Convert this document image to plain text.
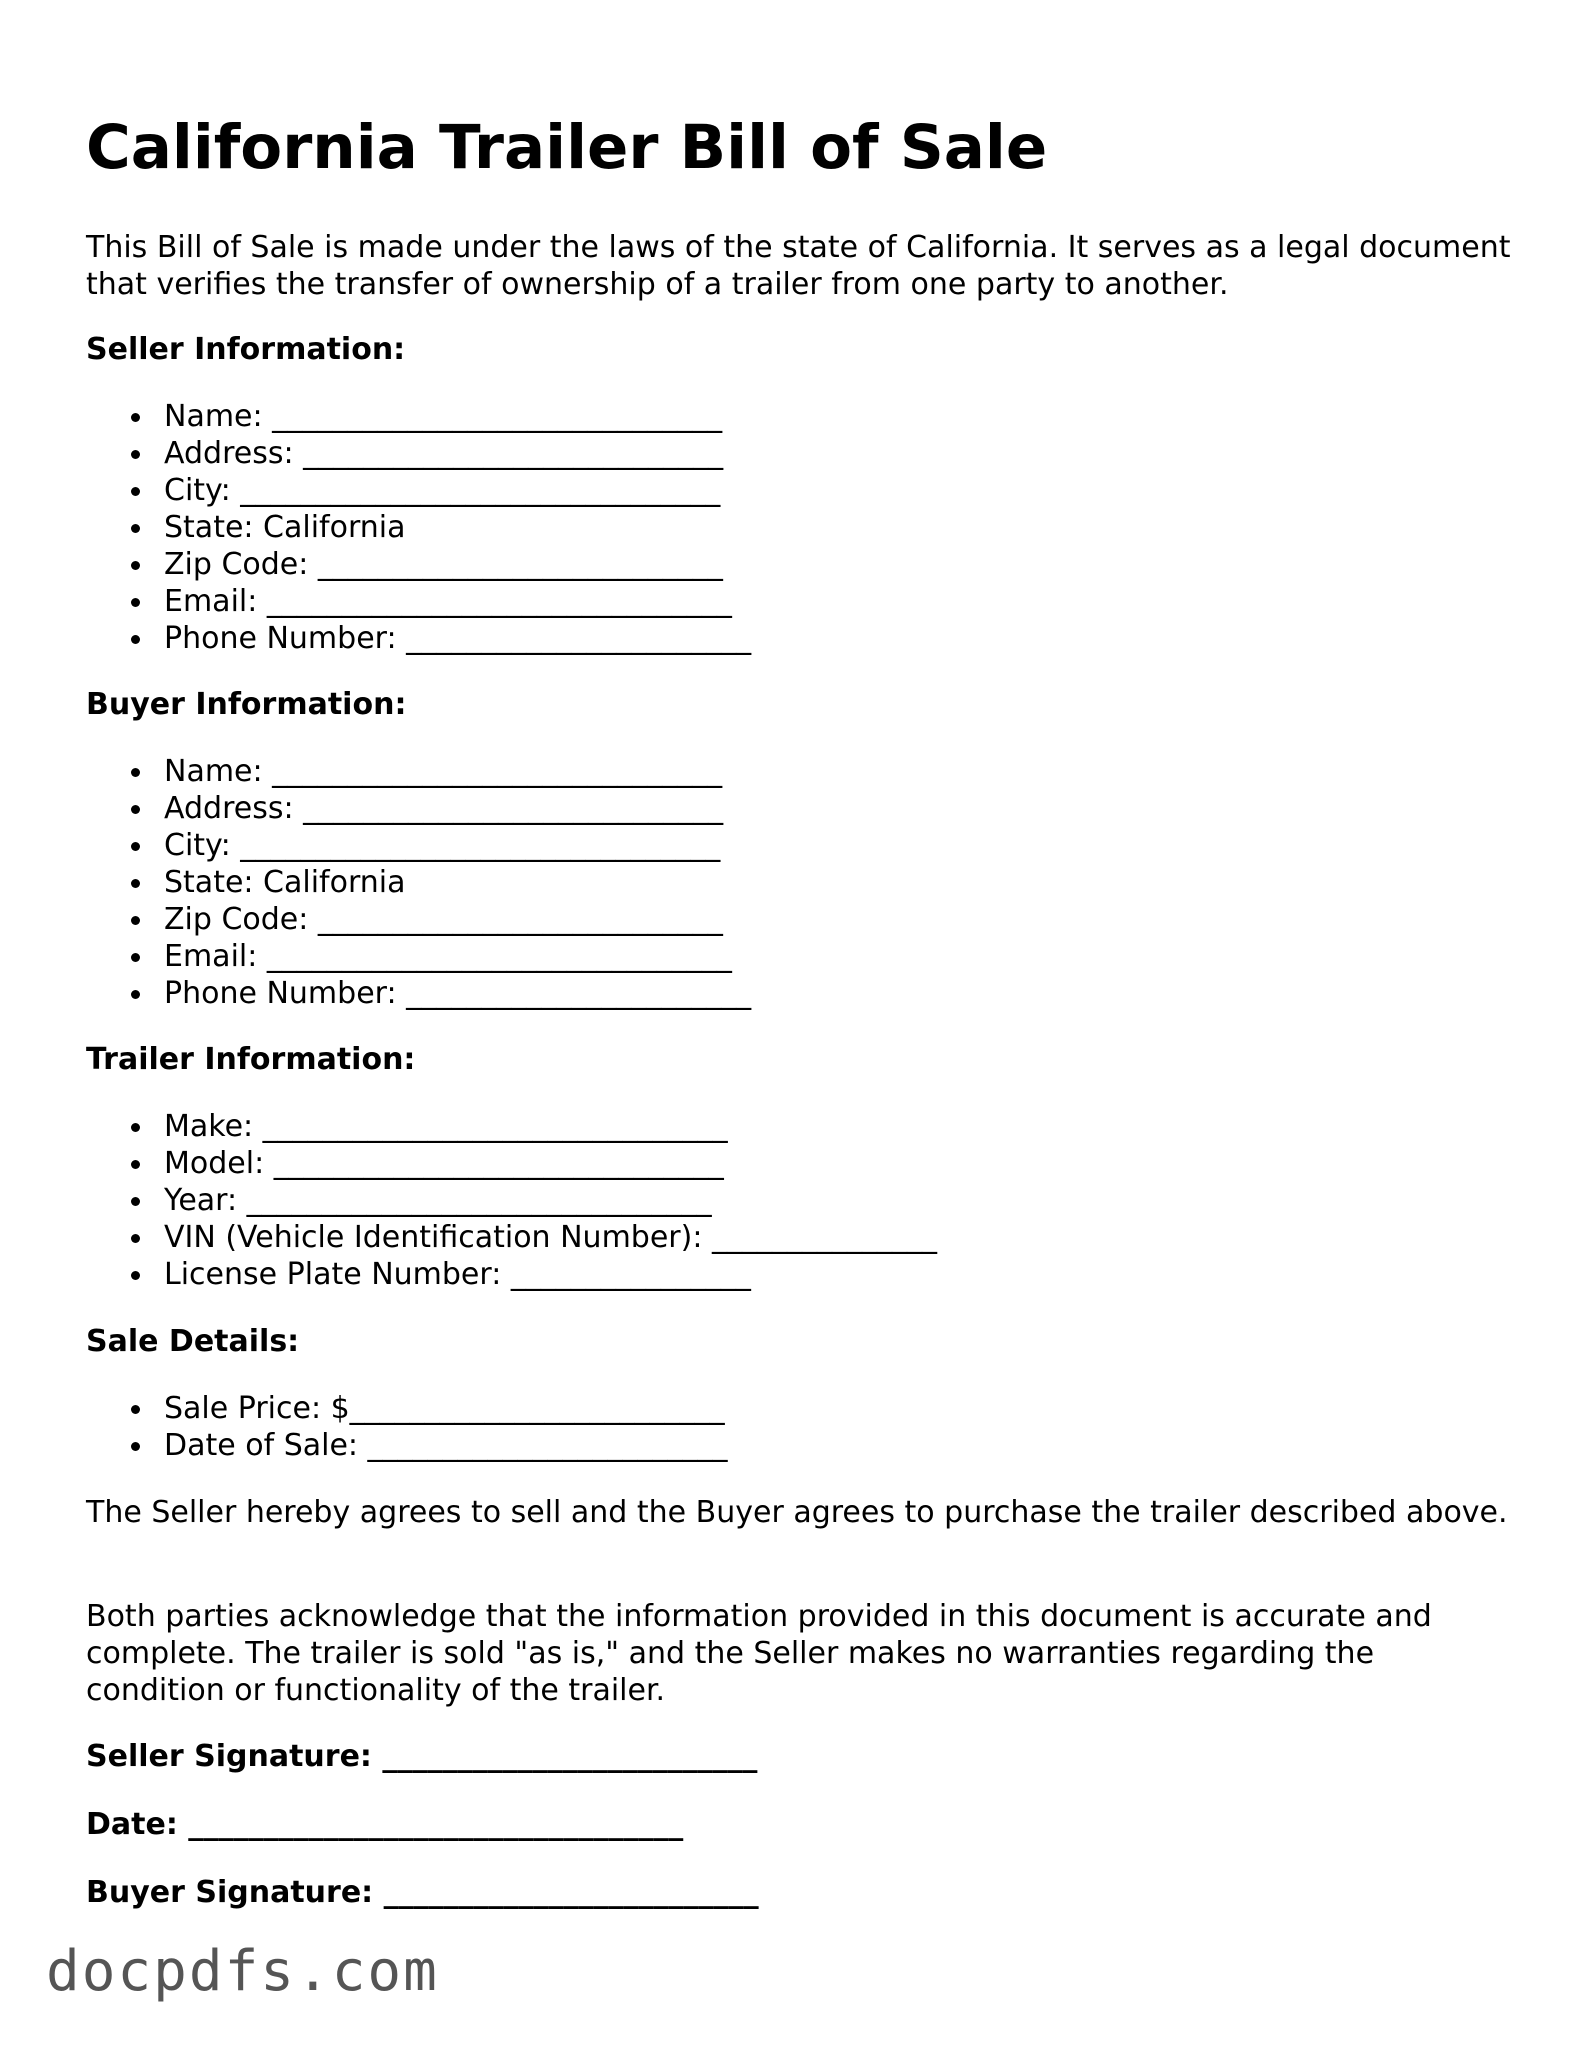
California Trailer Bill of Sale

This Bill of Sale is made under the laws of the state of California. It serves as a legal document that verifies the transfer of ownership of a trailer from one party to another.

Seller Information:

Name: ______________________________
Address: ____________________________
City: ________________________________
State: California
Zip Code: ___________________________
Email: _______________________________
Phone Number: _______________________

Buyer Information:

Name: ______________________________
Address: ____________________________
City: ________________________________
State: California
Zip Code: ___________________________
Email: _______________________________
Phone Number: _______________________

Trailer Information:

Make: _______________________________
Model: ______________________________
Year: _______________________________
VIN (Vehicle Identification Number): _______________
License Plate Number: ________________

Sale Details:

Sale Price: $_________________________
Date of Sale: ________________________

The Seller hereby agrees to sell and the Buyer agrees to purchase the trailer described above.

Both parties acknowledge that the information provided in this document is accurate and complete. The trailer is sold "as is," and the Seller makes no warranties regarding the condition or functionality of the trailer.

Seller Signature: _________________________

Date: _________________________________

Buyer Signature: _________________________

docpdfs.com
